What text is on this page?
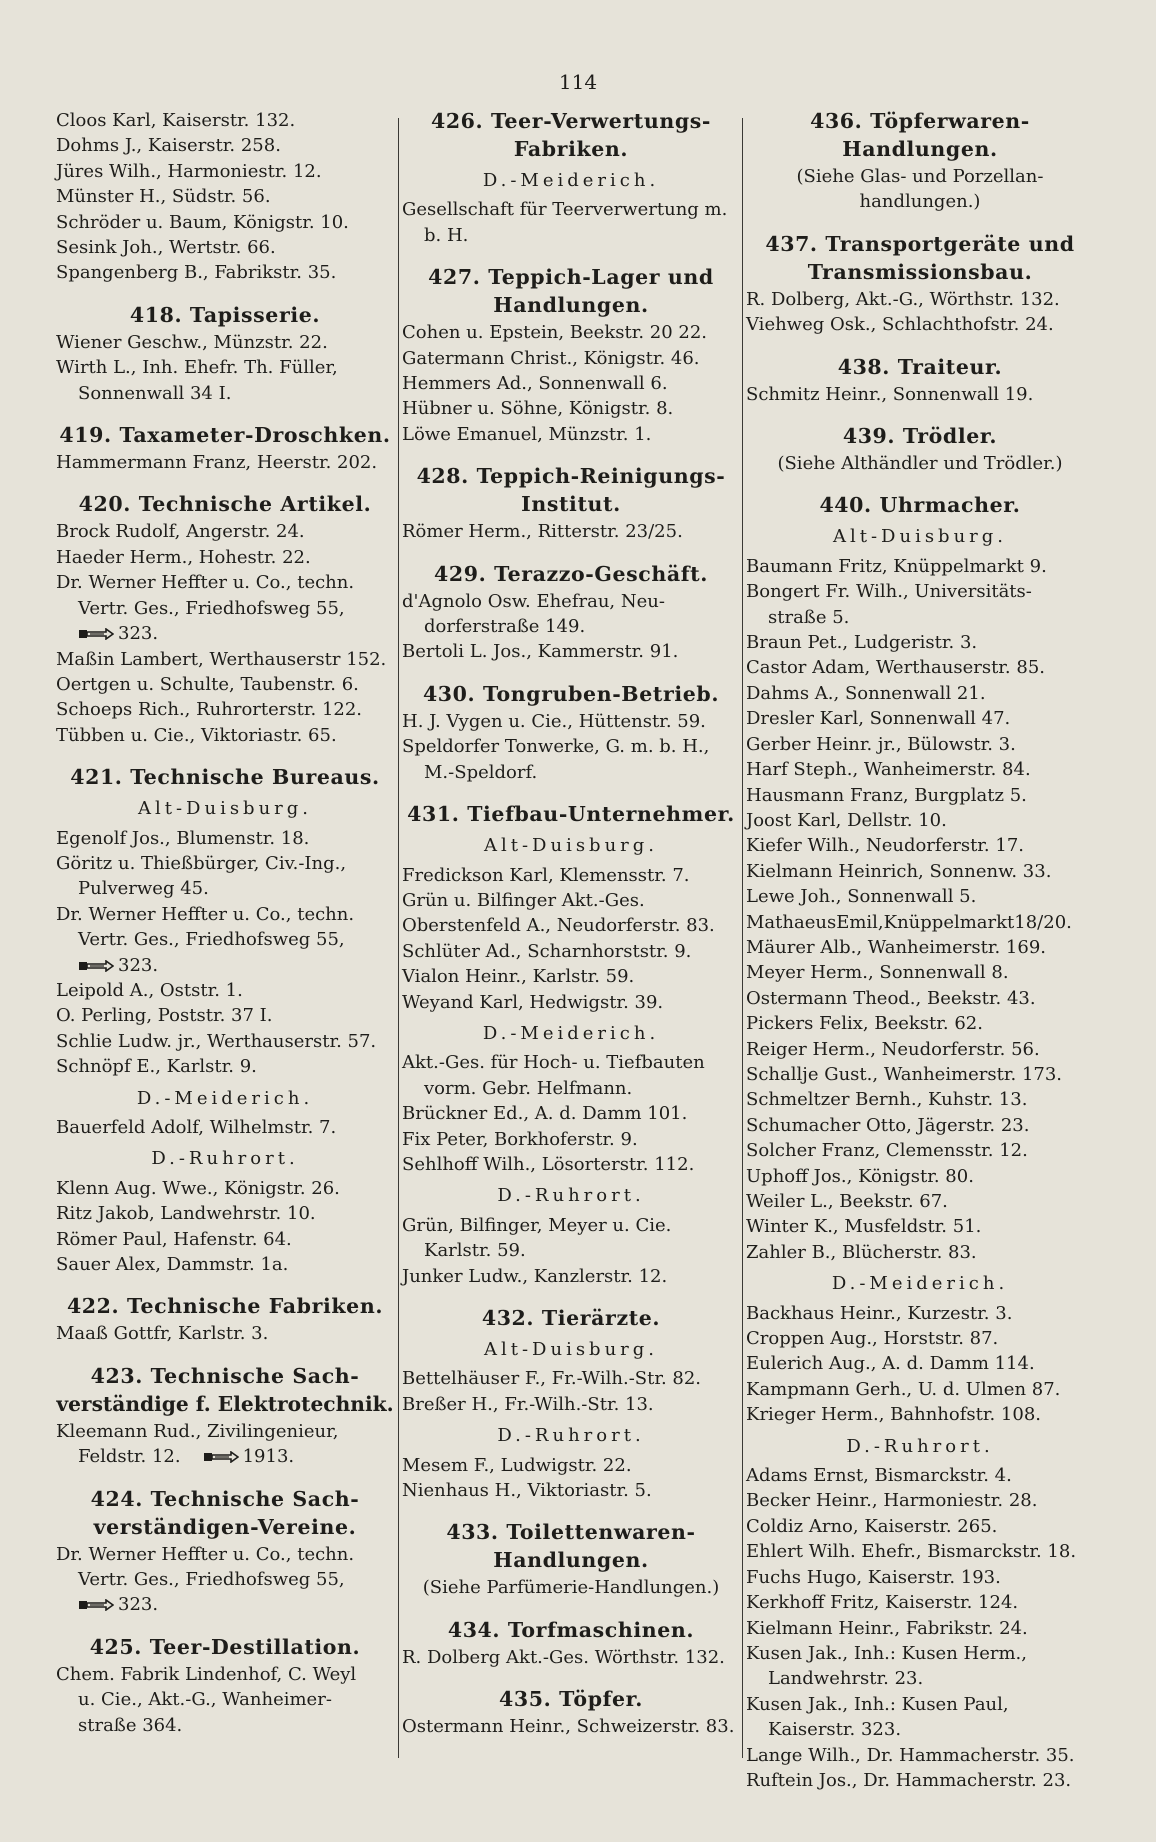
114
Cloos Karl, Kaiserstr. 132.
Dohms J., Kaiserstr. 258.
Jüres Wilh., Harmoniestr. 12.
Münster H., Südstr. 56.
Schröder u. Baum, Königstr. 10.
Sesink Joh., Wertstr. 66.
Spangenberg B., Fabrikstr. 35.
418. Tapisserie.
Wiener Geschw., Münzstr. 22.
Wirth L., Inh. Ehefr. Th. Füller,
Sonnenwall 34 I.
419. Taxameter-Droschken.
Hammermann Franz, Heerstr. 202.
420. Technische Artikel.
Brock Rudolf, Angerstr. 24.
Haeder Herm., Hohestr. 22.
Dr. Werner Heffter u. Co., techn.
Vertr. Ges., Friedhofsweg 55,
323.
Maßin Lambert, Werthauserstr 152.
Oertgen u. Schulte, Taubenstr. 6.
Schoeps Rich., Ruhrorterstr. 122.
Tübben u. Cie., Viktoriastr. 65.
421. Technische Bureaus.
Alt-Duisburg.
Egenolf Jos., Blumenstr. 18.
Göritz u. Thießbürger, Civ.-Ing.,
Pulverweg 45.
Dr. Werner Heffter u. Co., techn.
Vertr. Ges., Friedhofsweg 55,
323.
Leipold A., Oststr. 1.
O. Perling, Poststr. 37 I.
Schlie Ludw. jr., Werthauserstr. 57.
Schnöpf E., Karlstr. 9.
D.-Meiderich.
Bauerfeld Adolf, Wilhelmstr. 7.
D.-Ruhrort.
Klenn Aug. Wwe., Königstr. 26.
Ritz Jakob, Landwehrstr. 10.
Römer Paul, Hafenstr. 64.
Sauer Alex, Dammstr. 1a.
422. Technische Fabriken.
Maaß Gottfr, Karlstr. 3.
423. Technische Sach-
verständige f. Elektrotechnik.
Kleemann Rud., Zivilingenieur,
Feldstr. 12.	1913.
424. Technische Sach-
verständigen-Vereine.
Dr. Werner Heffter u. Co., techn.
Vertr. Ges., Friedhofsweg 55,
323.
425. Teer-Destillation.
Chem. Fabrik Lindenhof, C. Weyl
u. Cie., Akt.-G., Wanheimer-
straße 364.
426. Teer-Verwertungs-
Fabriken.
D.-Meiderich.
Gesellschaft für Teerverwertung m.
b. H.
427. Teppich-Lager und
Handlungen.
Cohen u. Epstein, Beekstr. 20 22.
Gatermann Christ., Königstr. 46.
Hemmers Ad., Sonnenwall 6.
Hübner u. Söhne, Königstr. 8.
Löwe Emanuel, Münzstr. 1.
428. Teppich-Reinigungs-
Institut.
Römer Herm., Ritterstr. 23/25.
429. Terazzo-Geschäft.
d'Agnolo Osw. Ehefrau, Neu-
dorferstraße 149.
Bertoli L. Jos., Kammerstr. 91.
430. Tongruben-Betrieb.
H. J. Vygen u. Cie., Hüttenstr. 59.
Speldorfer Tonwerke, G. m. b. H.,
M.-Speldorf.
431. Tiefbau-Unternehmer.
Alt-Duisburg.
Fredickson Karl, Klemensstr. 7.
Grün u. Bilfinger Akt.-Ges.
Oberstenfeld A., Neudorferstr. 83.
Schlüter Ad., Scharnhorststr. 9.
Vialon Heinr., Karlstr. 59.
Weyand Karl, Hedwigstr. 39.
D.-Meiderich.
Akt.-Ges. für Hoch- u. Tiefbauten
vorm. Gebr. Helfmann.
Brückner Ed., A. d. Damm 101.
Fix Peter, Borkhoferstr. 9.
Sehlhoff Wilh., Lösorterstr. 112.
D.-Ruhrort.
Grün, Bilfinger, Meyer u. Cie.
Karlstr. 59.
Junker Ludw., Kanzlerstr. 12.
432. Tierärzte.
Alt-Duisburg.
Bettelhäuser F., Fr.-Wilh.-Str. 82.
Breßer H., Fr.-Wilh.-Str. 13.
D.-Ruhrort.
Mesem F., Ludwigstr. 22.
Nienhaus H., Viktoriastr. 5.
433. Toilettenwaren-
Handlungen.
(Siehe Parfümerie-Handlungen.)
434. Torfmaschinen.
R. Dolberg Akt.-Ges. Wörthstr. 132.
435. Töpfer.
Ostermann Heinr., Schweizerstr. 83.
436. Töpferwaren-
Handlungen.
(Siehe Glas- und Porzellan-
handlungen.)
437. Transportgeräte und
Transmissionsbau.
R. Dolberg, Akt.-G., Wörthstr. 132.
Viehweg Osk., Schlachthofstr. 24.
438. Traiteur.
Schmitz Heinr., Sonnenwall 19.
439. Trödler.
(Siehe Althändler und Trödler.)
440. Uhrmacher.
Alt-Duisburg.
Baumann Fritz, Knüppelmarkt 9.
Bongert Fr. Wilh., Universitäts-
straße 5.
Braun Pet., Ludgeristr. 3.
Castor Adam, Werthauserstr. 85.
Dahms A., Sonnenwall 21.
Dresler Karl, Sonnenwall 47.
Gerber Heinr. jr., Bülowstr. 3.
Harf Steph., Wanheimerstr. 84.
Hausmann Franz, Burgplatz 5.
Joost Karl, Dellstr. 10.
Kiefer Wilh., Neudorferstr. 17.
Kielmann Heinrich, Sonnenw. 33.
Lewe Joh., Sonnenwall 5.
MathaeusEmil,Knüppelmarkt18/20.
Mäurer Alb., Wanheimerstr. 169.
Meyer Herm., Sonnenwall 8.
Ostermann Theod., Beekstr. 43.
Pickers Felix, Beekstr. 62.
Reiger Herm., Neudorferstr. 56.
Schallje Gust., Wanheimerstr. 173.
Schmeltzer Bernh., Kuhstr. 13.
Schumacher Otto, Jägerstr. 23.
Solcher Franz, Clemensstr. 12.
Uphoff Jos., Königstr. 80.
Weiler L., Beekstr. 67.
Winter K., Musfeldstr. 51.
Zahler B., Blücherstr. 83.
D.-Meiderich.
Backhaus Heinr., Kurzestr. 3.
Croppen Aug., Horststr. 87.
Eulerich Aug., A. d. Damm 114.
Kampmann Gerh., U. d. Ulmen 87.
Krieger Herm., Bahnhofstr. 108.
D.-Ruhrort.
Adams Ernst, Bismarckstr. 4.
Becker Heinr., Harmoniestr. 28.
Coldiz Arno, Kaiserstr. 265.
Ehlert Wilh. Ehefr., Bismarckstr. 18.
Fuchs Hugo, Kaiserstr. 193.
Kerkhoff Fritz, Kaiserstr. 124.
Kielmann Heinr., Fabrikstr. 24.
Kusen Jak., Inh.: Kusen Herm.,
Landwehrstr. 23.
Kusen Jak., Inh.: Kusen Paul,
Kaiserstr. 323.
Lange Wilh., Dr. Hammacherstr. 35.
Ruftein Jos., Dr. Hammacherstr. 23.
